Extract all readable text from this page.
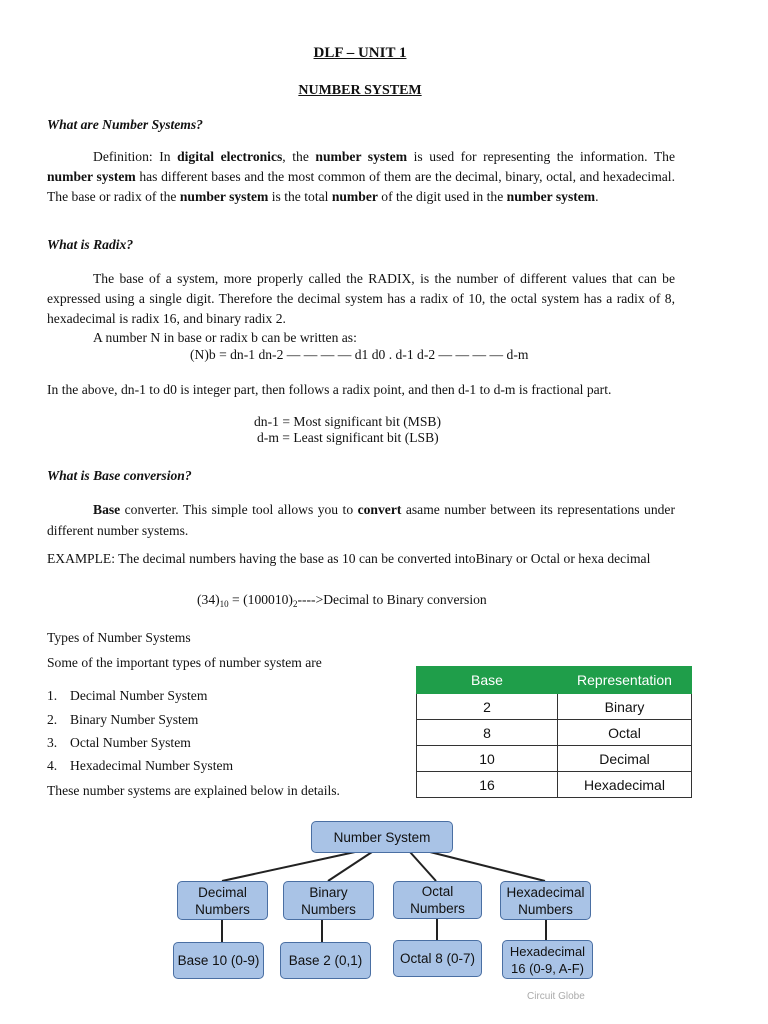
DLF – UNIT 1
NUMBER SYSTEM
What are Number Systems?
Definition: In digital electronics, the number system is used for representing the information. The number system has different bases and the most common of them are the decimal, binary, octal, and hexadecimal. The base or radix of the number system is the total number of the digit used in the number system.
What is Radix?
The base of a system, more properly called the RADIX, is the number of different values that can be expressed using a single digit. Therefore the decimal system has a radix of 10, the octal system has a radix of 8, hexadecimal is radix 16, and binary radix 2.
A number N in base or radix b can be written as:
(N)b = dn-1 dn-2 — — — — d1 d0 . d-1 d-2 — — — — d-m
In the above, dn-1 to d0 is integer part, then follows a radix point, and then d-1 to d-m is fractional part.
dn-1 = Most significant bit (MSB)
d-m = Least significant bit (LSB)
What is Base conversion?
Base converter. This simple tool allows you to convert asame number between its representations under different number systems.
EXAMPLE: The decimal numbers having the base as 10 can be converted intoBinary or Octal or hexa decimal
$(34)_{10}$ = $(100010)_2---->Decimal$ to Binary conversion
Types of Number Systems
Some of the important types of number system are
1. Decimal Number System
2. Binary Number System
3. Octal Number System
4. Hexadecimal Number System
These number systems are explained below in details.
Base	Representation
2	Binary
8	Octal
10	Decimal
16	Hexadecimal
Number System
Decimal Numbers
Binary Numbers
Octal Numbers
Hexadecimal Numbers
Base 10 (0-9)	Base 2 (0,1)	Octal 8 (0-7)	Hexadecimal 16 (0-9, A-F)
Circuit Globe
